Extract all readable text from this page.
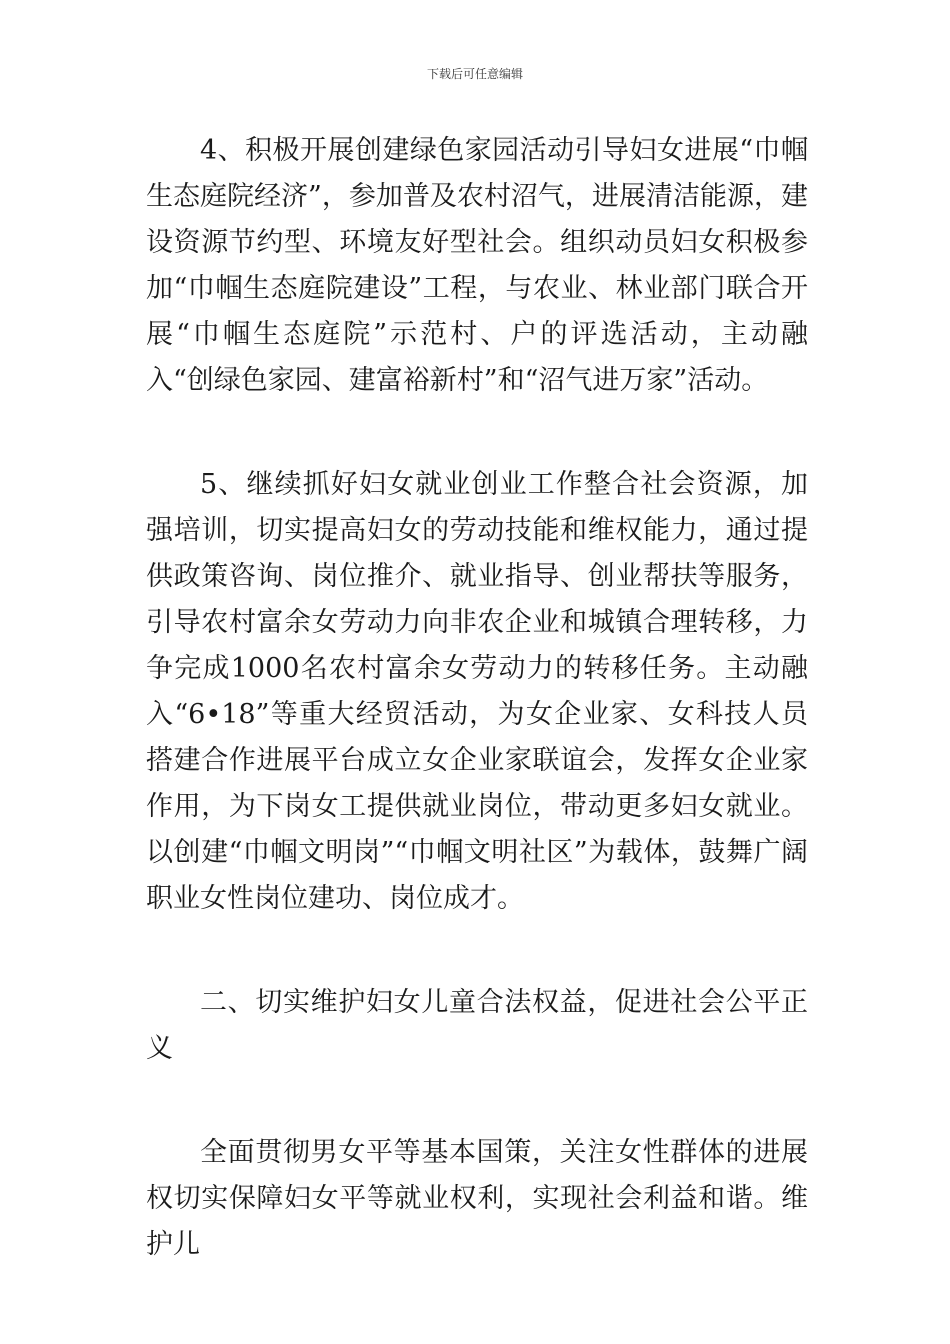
下载后可任意编辑

4、积极开展创建绿色家园活动引导妇女进展“巾帼生态庭院经济”，参加普及农村沼气，进展清洁能源，建设资源节约型、环境友好型社会。组织动员妇女积极参加“巾帼生态庭院建设”工程，与农业、林业部门联合开展“巾帼生态庭院”示范村、户的评选活动，主动融入“创绿色家园、建富裕新村”和“沼气进万家”活动。

5、继续抓好妇女就业创业工作整合社会资源，加强培训，切实提高妇女的劳动技能和维权能力，通过提供政策咨询、岗位推介、就业指导、创业帮扶等服务，引导农村富余女劳动力向非农企业和城镇合理转移，力争完成1000名农村富余女劳动力的转移任务。主动融入“6•18”等重大经贸活动，为女企业家、女科技人员搭建合作进展平台成立女企业家联谊会，发挥女企业家作用，为下岗女工提供就业岗位，带动更多妇女就业。以创建“巾帼文明岗”“巾帼文明社区”为载体，鼓舞广阔职业女性岗位建功、岗位成才。

二、切实维护妇女儿童合法权益，促进社会公平正义

全面贯彻男女平等基本国策，关注女性群体的进展权切实保障妇女平等就业权利，实现社会利益和谐。维护儿
